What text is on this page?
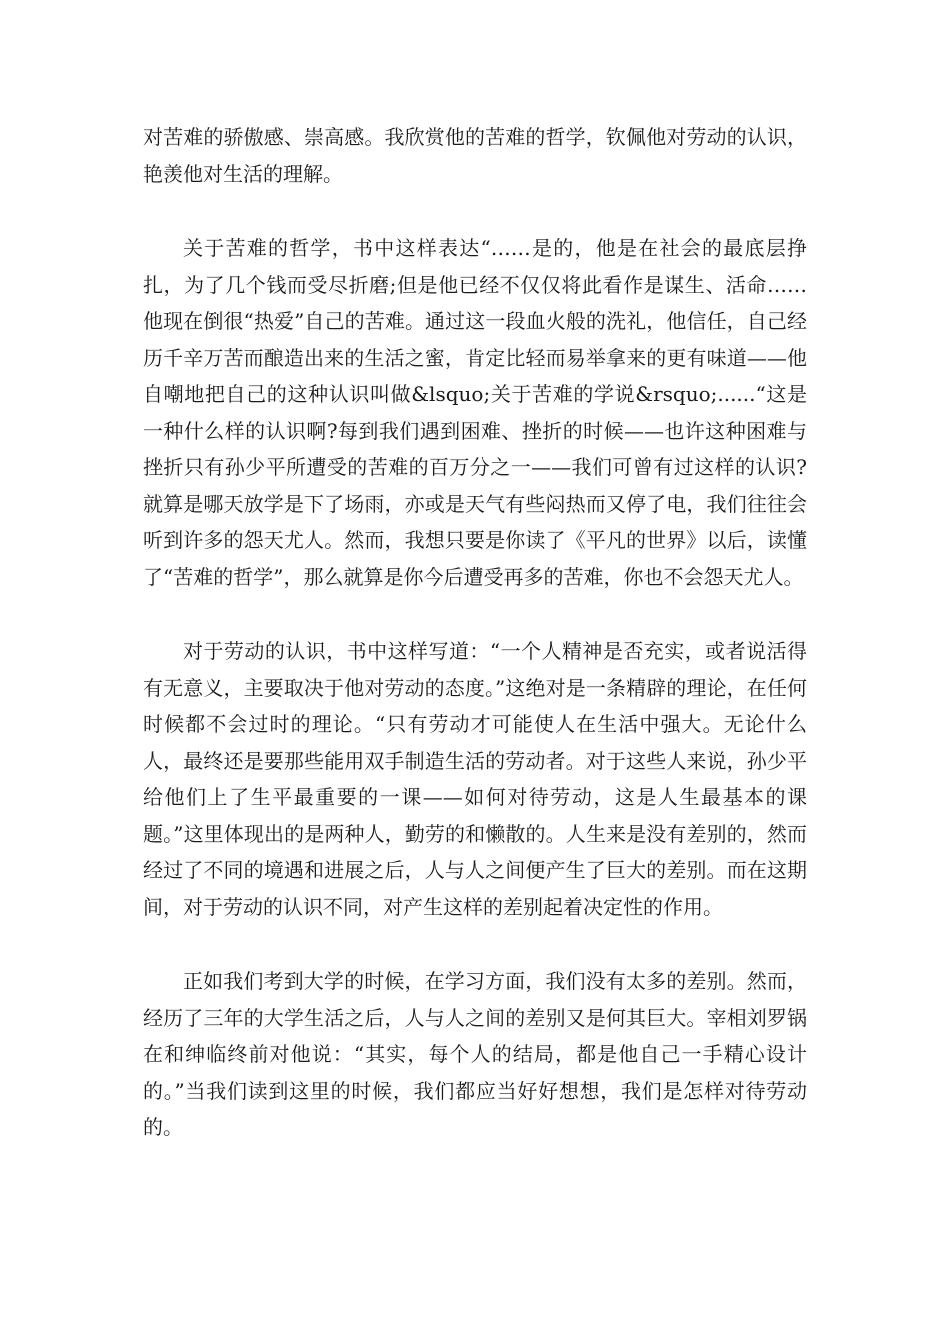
对苦难的骄傲感、崇高感。我欣赏他的苦难的哲学，钦佩他对劳动的认识，艳羡他对生活的理解。

关于苦难的哲学，书中这样表达“……是的，他是在社会的最底层挣扎，为了几个钱而受尽折磨;但是他已经不仅仅将此看作是谋生、活命……他现在倒很“热爱”自己的苦难。通过这一段血火般的洗礼，他信任，自己经历千辛万苦而酿造出来的生活之蜜，肯定比轻而易举拿来的更有味道——他自嘲地把自己的这种认识叫做&lsquo;关于苦难的学说&rsquo;......“这是一种什么样的认识啊?每到我们遇到困难、挫折的时候——也许这种困难与挫折只有孙少平所遭受的苦难的百万分之一——我们可曾有过这样的认识?就算是哪天放学是下了场雨，亦或是天气有些闷热而又停了电，我们往往会听到许多的怨天尤人。然而，我想只要是你读了《平凡的世界》以后，读懂了“苦难的哲学”，那么就算是你今后遭受再多的苦难，你也不会怨天尤人。

对于劳动的认识，书中这样写道：“一个人精神是否充实，或者说活得有无意义，主要取决于他对劳动的态度。”这绝对是一条精辟的理论，在任何时候都不会过时的理论。“只有劳动才可能使人在生活中强大。无论什么人，最终还是要那些能用双手制造生活的劳动者。对于这些人来说，孙少平给他们上了生平最重要的一课——如何对待劳动，这是人生最基本的课题。”这里体现出的是两种人，勤劳的和懒散的。人生来是没有差别的，然而经过了不同的境遇和进展之后，人与人之间便产生了巨大的差别。而在这期间，对于劳动的认识不同，对产生这样的差别起着决定性的作用。

正如我们考到大学的时候，在学习方面，我们没有太多的差别。然而，经历了三年的大学生活之后，人与人之间的差别又是何其巨大。宰相刘罗锅在和绅临终前对他说：“其实，每个人的结局，都是他自己一手精心设计的。”当我们读到这里的时候，我们都应当好好想想，我们是怎样对待劳动的。
